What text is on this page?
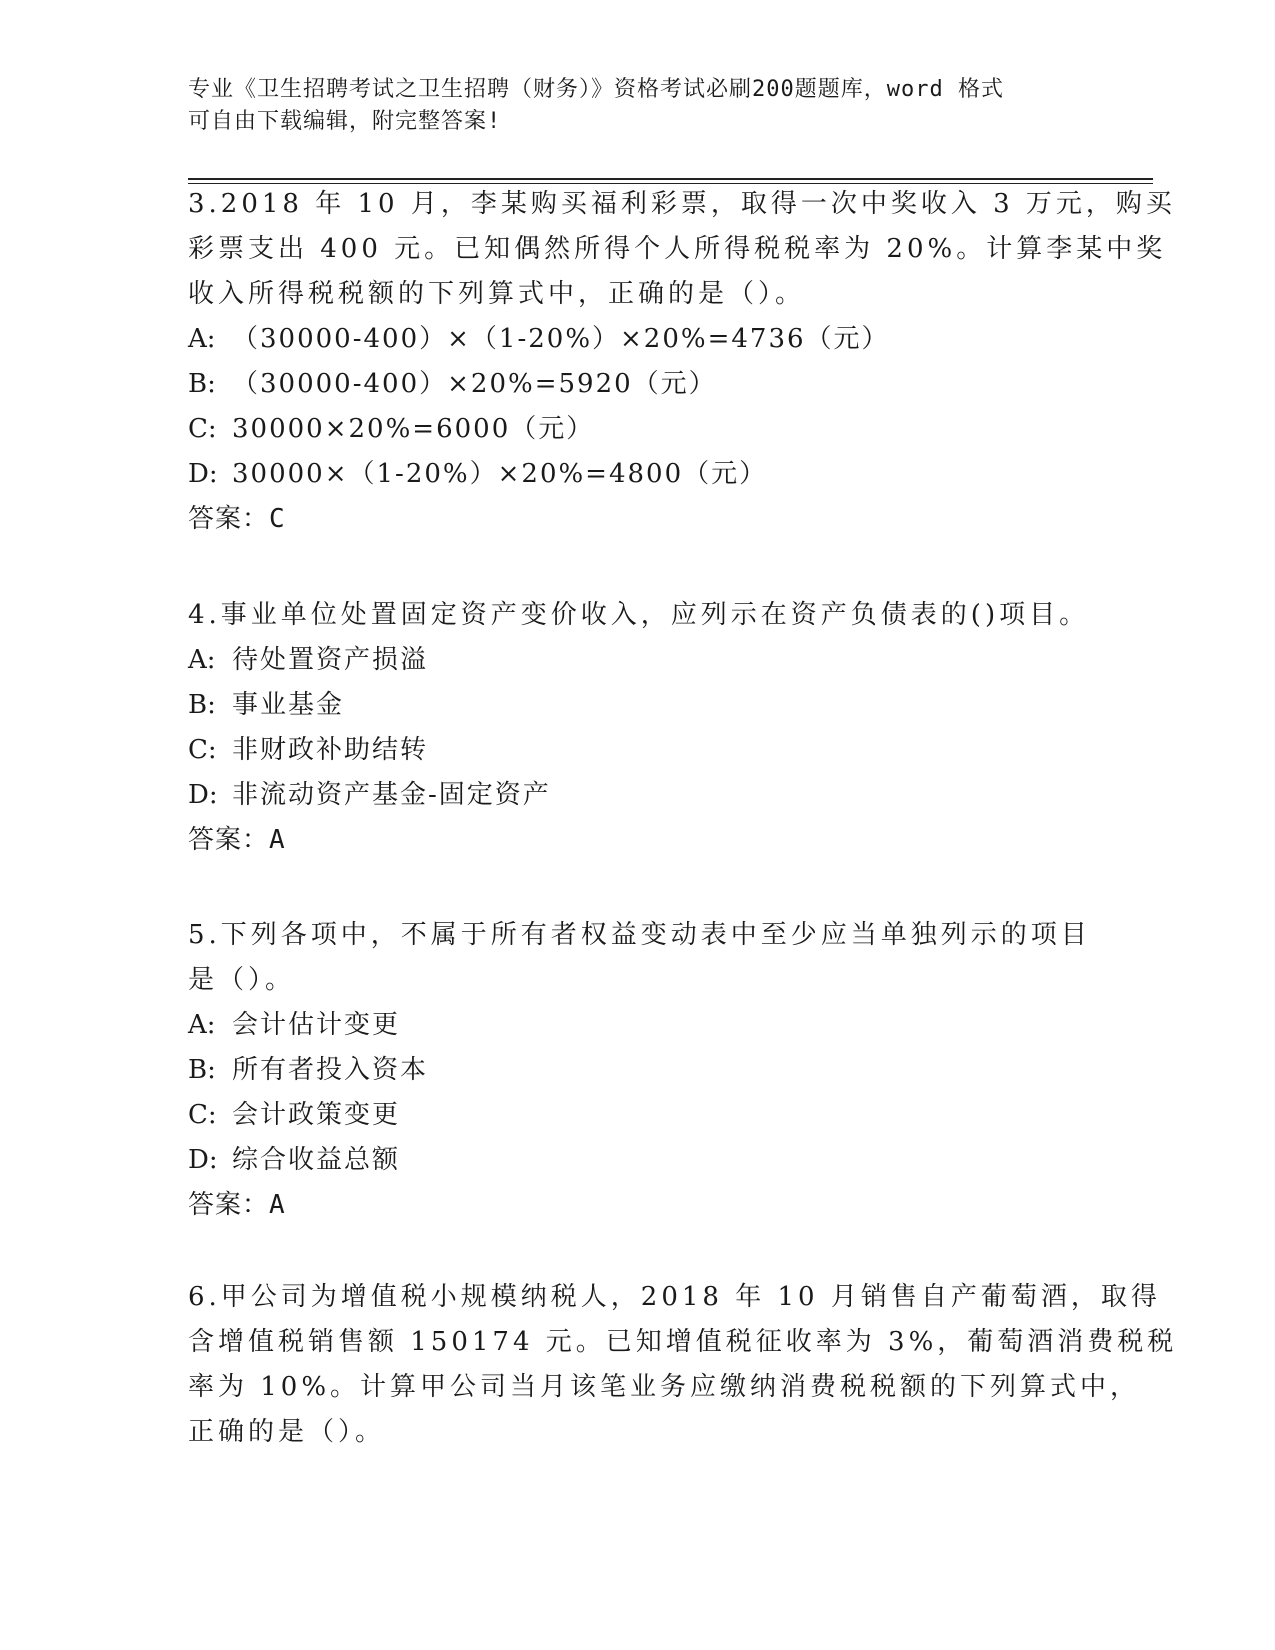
专业《卫生招聘考试之卫生招聘（财务）》资格考试必刷200题题库，word 格式
可自由下载编辑，附完整答案!
3.2018 年 10 月，李某购买福利彩票，取得一次中奖收入 3 万元，购买
彩票支出 400 元。已知偶然所得个人所得税税率为 20%。计算李某中奖
收入所得税税额的下列算式中，正确的是（）。
A: （30000-400）×（1-20%）×20%=4736（元）
B: （30000-400）×20%=5920（元）
C: 30000×20%=6000（元）
D: 30000×（1-20%）×20%=4800（元）
答案：C
4.事业单位处置固定资产变价收入，应列示在资产负债表的()项目。
A: 待处置资产损溢
B: 事业基金
C: 非财政补助结转
D: 非流动资产基金-固定资产
答案：A
5.下列各项中，不属于所有者权益变动表中至少应当单独列示的项目
是（）。
A: 会计估计变更
B: 所有者投入资本
C: 会计政策变更
D: 综合收益总额
答案：A
6.甲公司为增值税小规模纳税人，2018 年 10 月销售自产葡萄酒，取得
含增值税销售额 150174 元。已知增值税征收率为 3%，葡萄酒消费税税
率为 10%。计算甲公司当月该笔业务应缴纳消费税税额的下列算式中，
正确的是（）。
